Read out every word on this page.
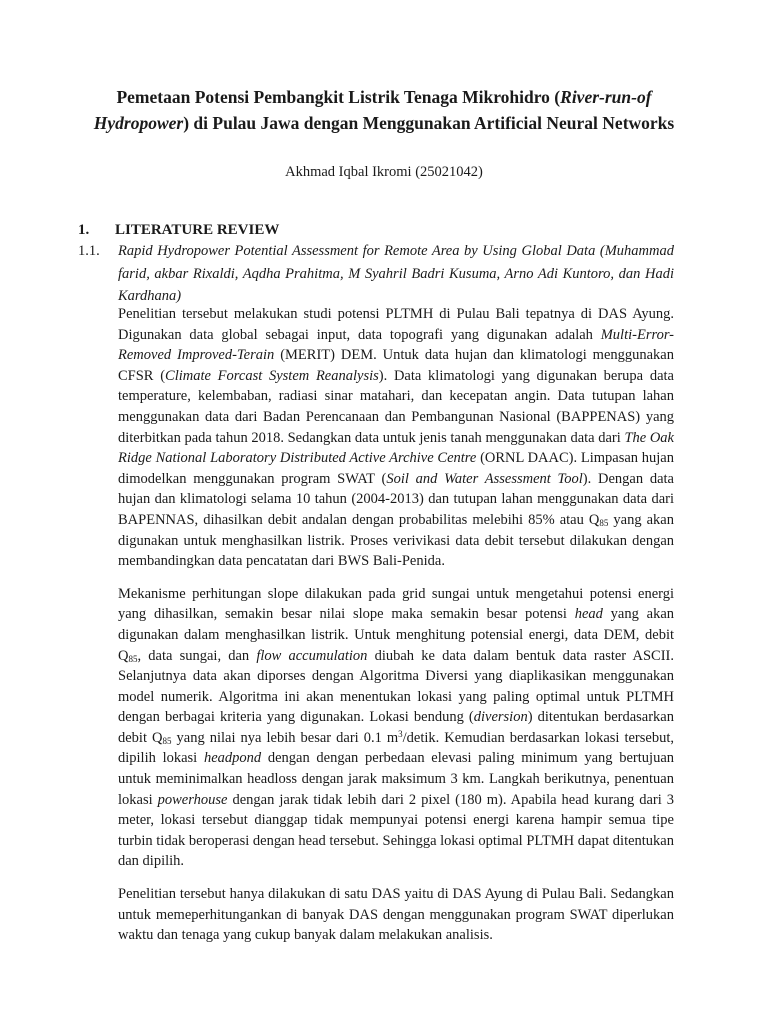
Pemetaan Potensi Pembangkit Listrik Tenaga Mikrohidro (River-run-of Hydropower) di Pulau Jawa dengan Menggunakan Artificial Neural Networks
Akhmad Iqbal Ikromi (25021042)
1. LITERATURE REVIEW
1.1. Rapid Hydropower Potential Assessment for Remote Area by Using Global Data (Muhammad farid, akbar Rixaldi, Aqdha Prahitma, M Syahril Badri Kusuma, Arno Adi Kuntoro, dan Hadi Kardhana)

Penelitian tersebut melakukan studi potensi PLTMH di Pulau Bali tepatnya di DAS Ayung. Digunakan data global sebagai input, data topografi yang digunakan adalah Multi-Error-Removed Improved-Terain (MERIT) DEM. Untuk data hujan dan klimatologi menggunakan CFSR (Climate Forcast System Reanalysis). Data klimatologi yang digunakan berupa data temperature, kelembaban, radiasi sinar matahari, dan kecepatan angin. Data tutupan lahan menggunakan data dari Badan Perencanaan dan Pembangunan Nasional (BAPPENAS) yang diterbitkan pada tahun 2018. Sedangkan data untuk jenis tanah menggunakan data dari The Oak Ridge National Laboratory Distributed Active Archive Centre (ORNL DAAC). Limpasan hujan dimodelkan menggunakan program SWAT (Soil and Water Assessment Tool). Dengan data hujan dan klimatologi selama 10 tahun (2004-2013) dan tutupan lahan menggunakan data dari BAPENNAS, dihasilkan debit andalan dengan probabilitas melebihi 85% atau $Q_{85}$ yang akan digunakan untuk menghasilkan listrik. Proses verivikasi data debit tersebut dilakukan dengan membandingkan data pencatatan dari BWS Bali-Penida.

Mekanisme perhitungan slope dilakukan pada grid sungai untuk mengetahui potensi energi yang dihasilkan, semakin besar nilai slope maka semakin besar potensi head yang akan digunakan dalam menghasilkan listrik. Untuk menghitung potensial energi, data DEM, debit $Q_{85}$, data sungai, dan flow accumulation diubah ke data dalam bentuk data raster ASCII. Selanjutnya data akan diporses dengan Algoritma Diversi yang diaplikasikan menggunakan model numerik. Algoritma ini akan menentukan lokasi yang paling optimal untuk PLTMH dengan berbagai kriteria yang digunakan. Lokasi bendung (diversion) ditentukan berdasarkan debit $Q_{85}$ yang nilai nya lebih besar dari 0.1 $m^3$/detik. Kemudian berdasarkan lokasi tersebut, dipilih lokasi headpond dengan dengan perbedaan elevasi paling minimum yang bertujuan untuk meminimalkan headloss dengan jarak maksimum 3 km. Langkah berikutnya, penentuan lokasi powerhouse dengan jarak tidak lebih dari 2 pixel (180 m). Apabila head kurang dari 3 meter, lokasi tersebut dianggap tidak mempunyai potensi energi karena hampir semua tipe turbin tidak beroperasi dengan head tersebut. Sehingga lokasi optimal PLTMH dapat ditentukan dan dipilih.

Penelitian tersebut hanya dilakukan di satu DAS yaitu di DAS Ayung di Pulau Bali. Sedangkan untuk memeperhitungankan di banyak DAS dengan menggunakan program SWAT diperlukan waktu dan tenaga yang cukup banyak dalam melakukan analisis.
